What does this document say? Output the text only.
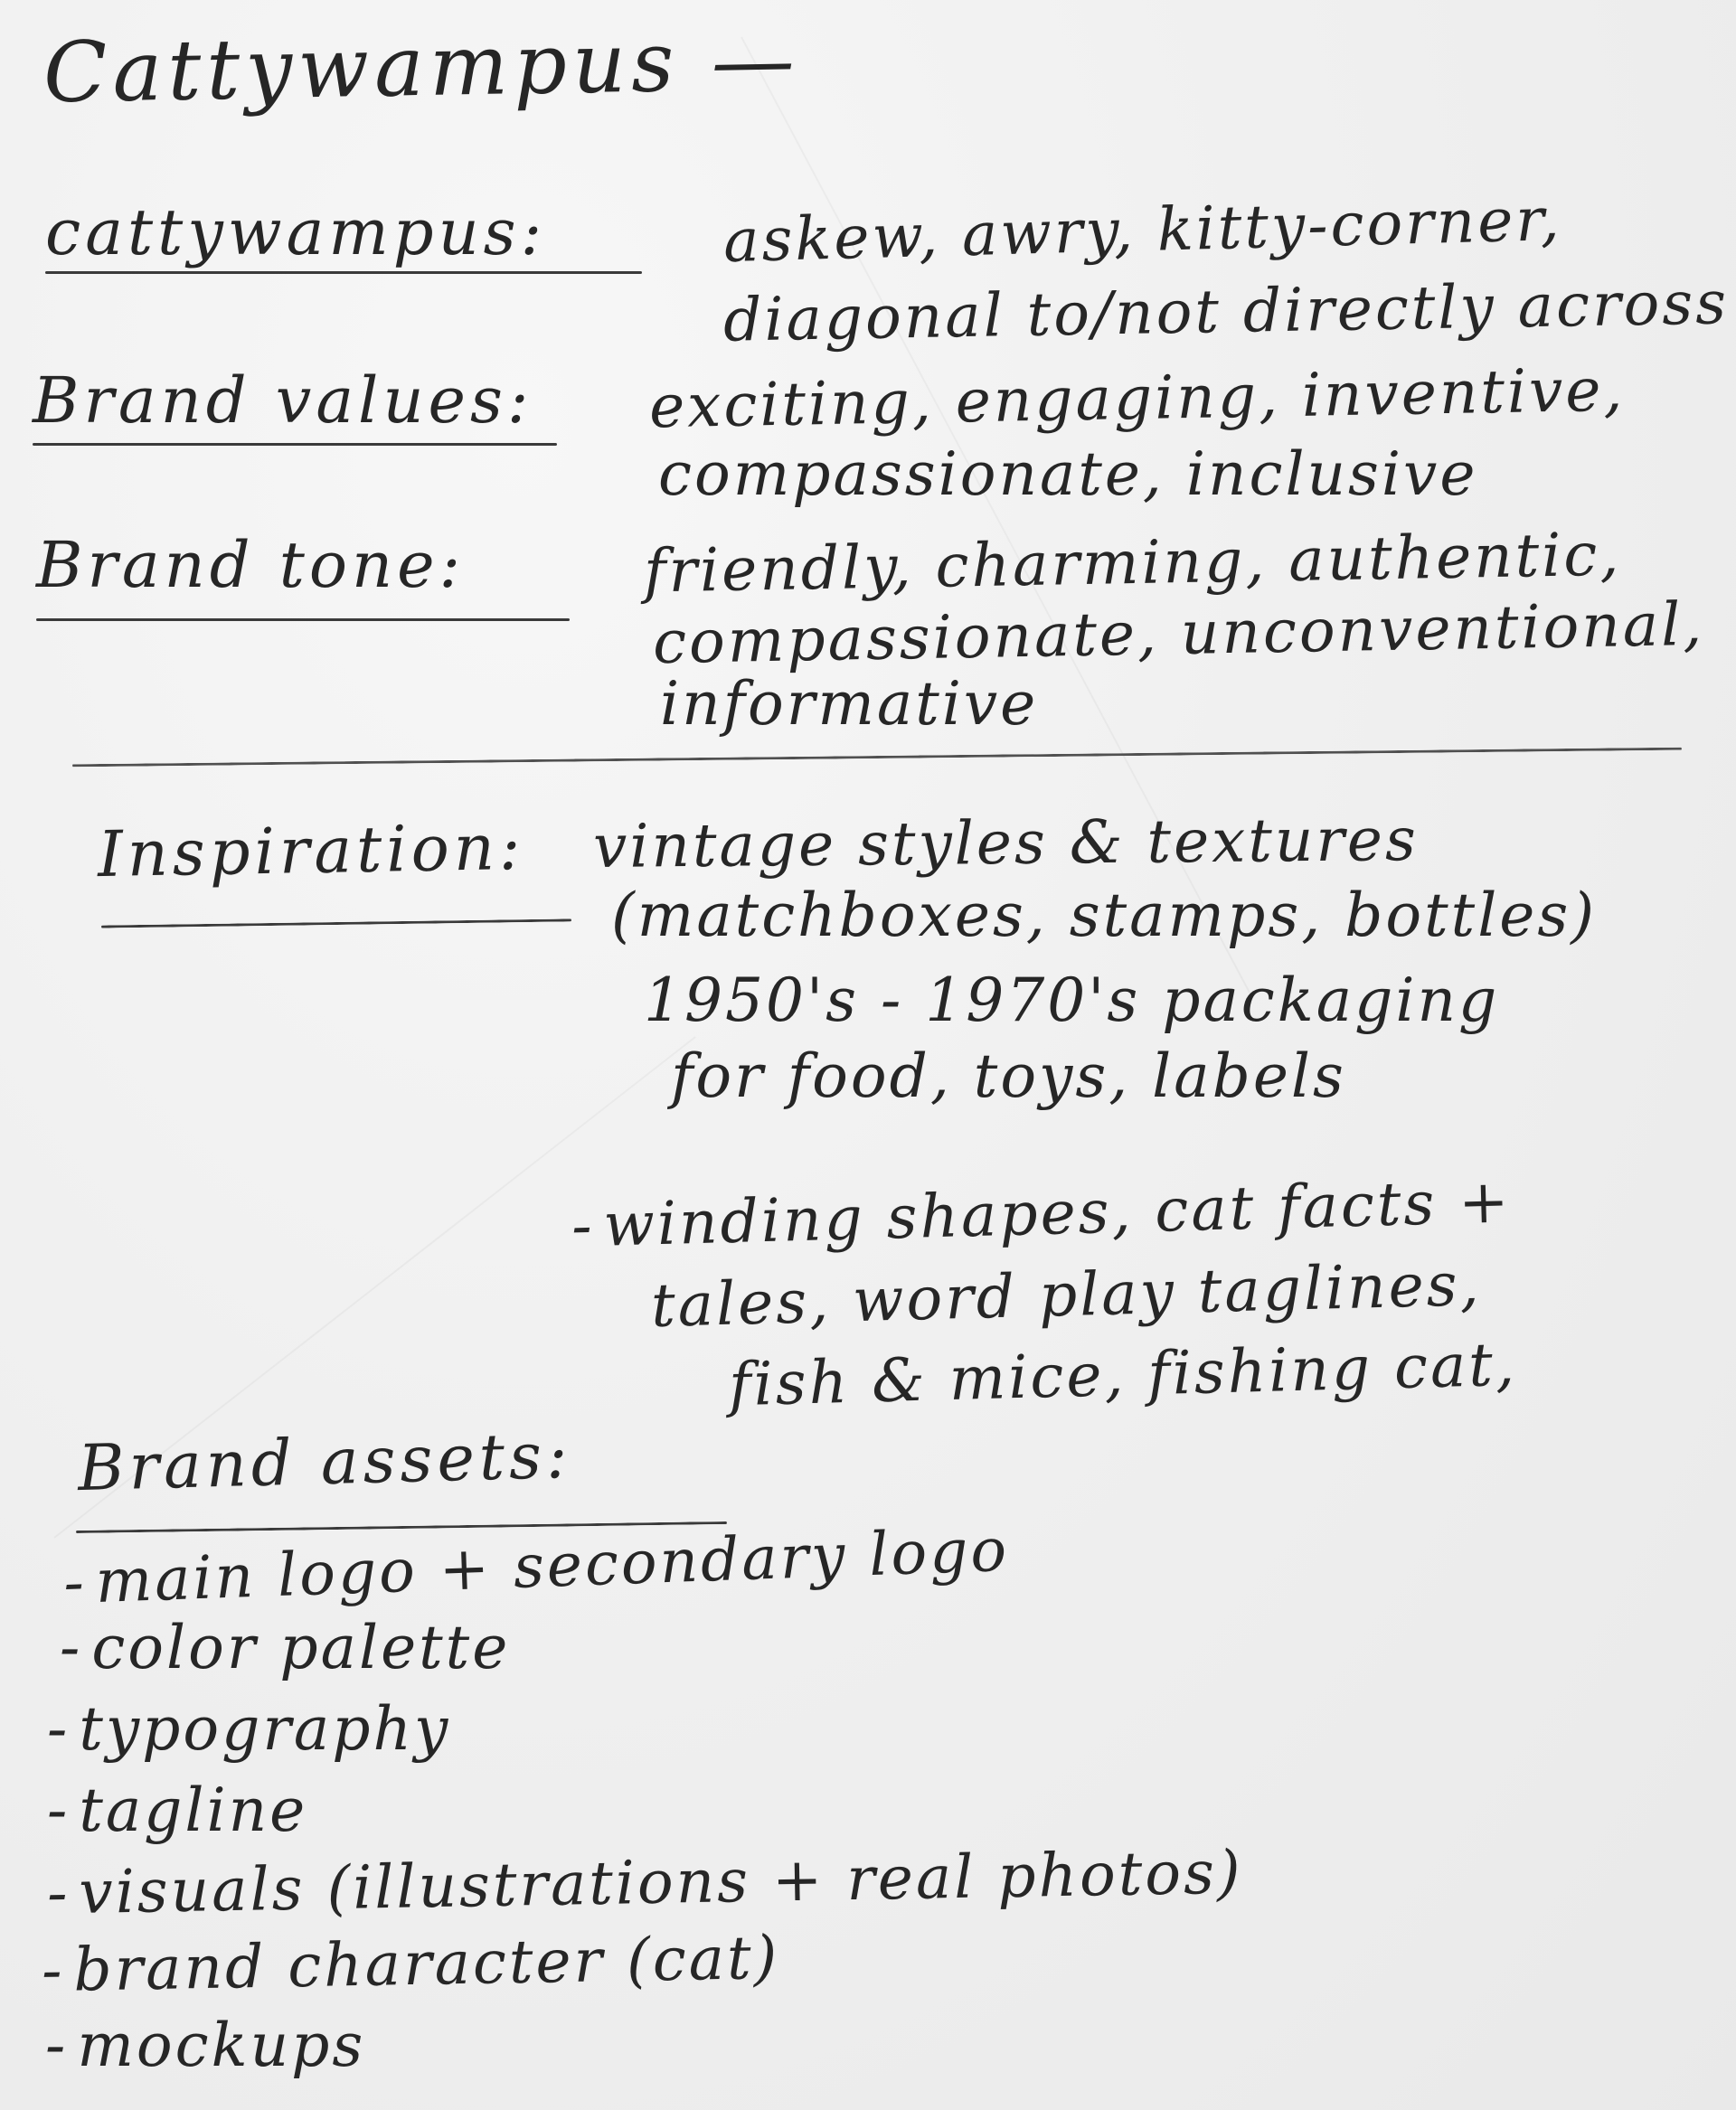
Cattywampus —
cattywampus:	askew, awry, kitty-corner,
diagonal to/not directly across
Brand values: exciting, engaging, inventive,
compassionate, inclusive
Brand tone:	friendly, charming, authentic,
compassionate, unconventional,
informative
Inspiration: vintage styles & textures
(matchboxes, stamps, bottles)
1950's - 1970's packaging
for food, toys, labels
- winding shapes, cat facts +
tales, word play taglines,
fish & mice, fishing cat,
Brand assets:
- main logo + secondary logo
- color palette
- typography
- tagline
- visuals (illustrations + real photos)
- brand character (cat)
- mockups
